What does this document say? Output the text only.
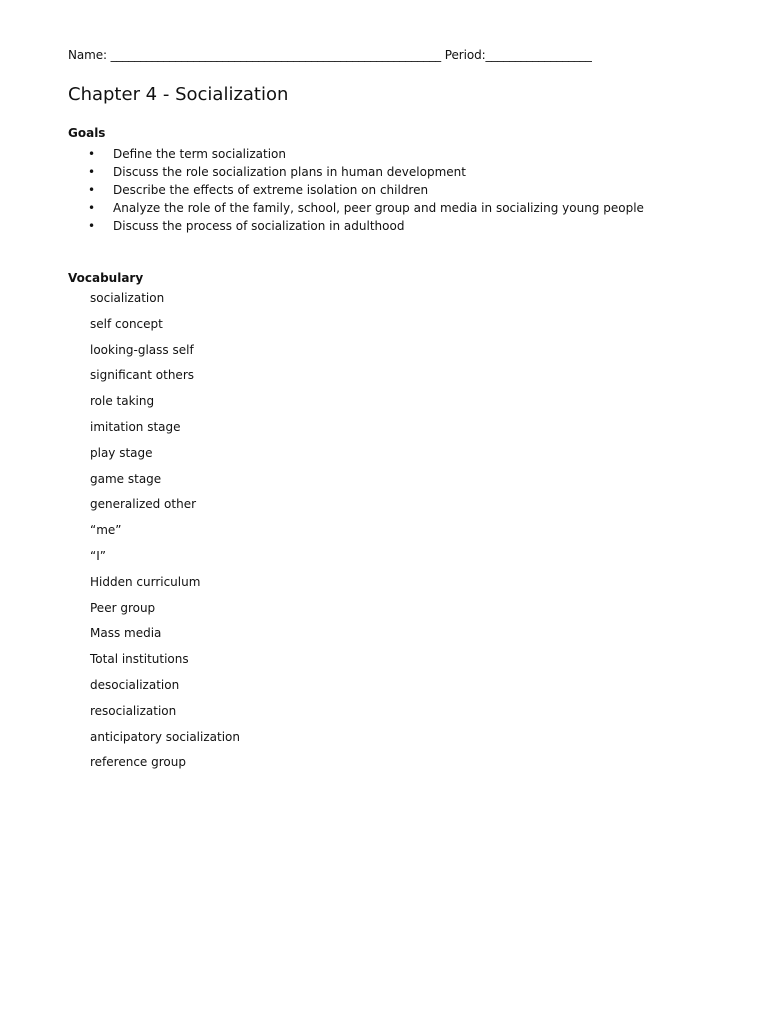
Name: ________________________________________________________ Period:__________________
Chapter 4 - Socialization
Goals
• Define the term socialization
• Discuss the role socialization plans in human development
• Describe the effects of extreme isolation on children
• Analyze the role of the family, school, peer group and media in socializing young people
• Discuss the process of socialization in adulthood
Vocabulary
socialization
self concept
looking-glass self
significant others
role taking
imitation stage
play stage
game stage
generalized other
“me”
“I”
Hidden curriculum
Peer group
Mass media
Total institutions
desocialization
resocialization
anticipatory socialization
reference group
